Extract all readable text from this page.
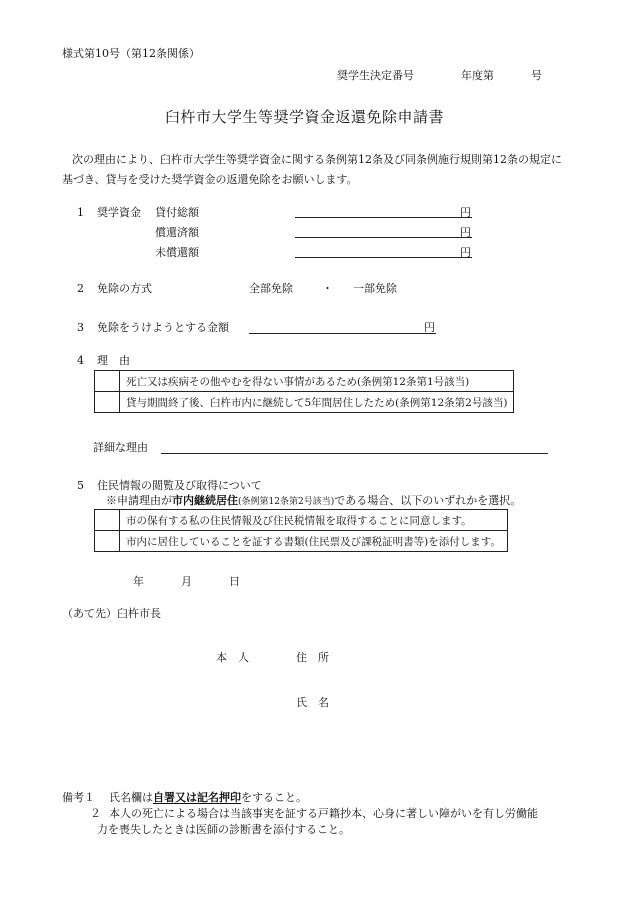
様式第10号（第12条関係）
奨学生決定番号	年度第	号
臼杵市大学生等奨学資金返還免除申請書
次の理由により、臼杵市大学生等奨学資金に関する条例第12条及び同条例施行規則第12条の規定に基づき、貸与を受けた奨学資金の返還免除をお願いします。
1 奨学資金 貸付総額	円
償還済額	円
未償還額	円
2 免除の方式	全部免除	・ 一部免除
3 免除をうけようとする金額	円
4 理　由
	死亡又は疾病その他やむを得ない事情があるため(条例第12条第1号該当)
	貸与期間終了後、臼杵市内に継続して5年間居住したため(条例第12条第2号該当)
詳細な理由
5 住民情報の閲覧及び取得について
※申請理由が市内継続居住(条例第12条第2号該当)である場合、以下のいずれかを選択。
	市の保有する私の住民情報及び住民税情報を取得することに同意します。
	市内に居住していることを証する書類(住民票及び課税証明書等)を添付します。
年	月	日
（あて先）臼杵市長
本　人	住　所
氏　名
備考１ 氏名欄は自署又は記名押印をすること。
２ 本人の死亡による場合は当該事実を証する戸籍抄本、心身に著しい障がいを有し労働能
力を喪失したときは医師の診断書を添付すること。
